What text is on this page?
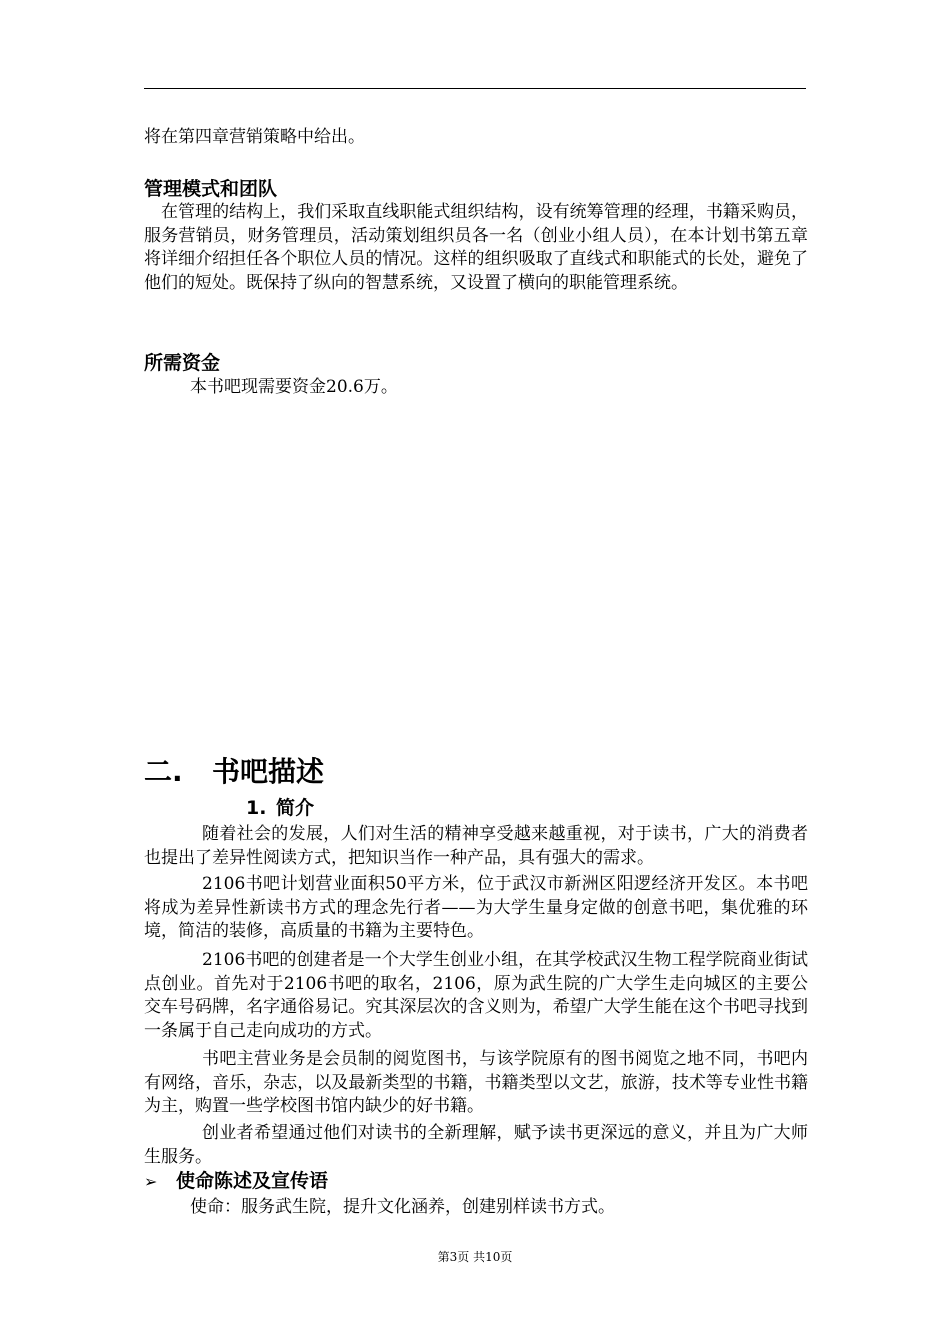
将在第四章营销策略中给出。

管理模式和团队

在管理的结构上，我们采取直线职能式组织结构，设有统筹管理的经理，书籍采购员，服务营销员，财务管理员，活动策划组织员各一名（创业小组人员），在本计划书第五章将详细介绍担任各个职位人员的情况。这样的组织吸取了直线式和职能式的长处，避免了他们的短处。既保持了纵向的智慧系统，又设置了横向的职能管理系统。

所需资金

本书吧现需要资金20.6万。

二. 书吧描述
1. 简介

随着社会的发展，人们对生活的精神享受越来越重视，对于读书，广大的消费者也提出了差异性阅读方式，把知识当作一种产品，具有强大的需求。

2106书吧计划营业面积50平方米，位于武汉市新洲区阳逻经济开发区。本书吧将成为差异性新读书方式的理念先行者——为大学生量身定做的创意书吧，集优雅的环境，简洁的装修，高质量的书籍为主要特色。

2106书吧的创建者是一个大学生创业小组，在其学校武汉生物工程学院商业街试点创业。首先对于2106书吧的取名，2106，原为武生院的广大学生走向城区的主要公交车号码牌，名字通俗易记。究其深层次的含义则为，希望广大学生能在这个书吧寻找到一条属于自己走向成功的方式。

书吧主营业务是会员制的阅览图书，与该学院原有的图书阅览之地不同，书吧内有网络，音乐，杂志，以及最新类型的书籍，书籍类型以文艺，旅游，技术等专业性书籍为主，购置一些学校图书馆内缺少的好书籍。

创业者希望通过他们对读书的全新理解，赋予读书更深远的意义，并且为广大师生服务。

➢ 使命陈述及宣传语

使命：服务武生院，提升文化涵养，创建别样读书方式。

第3页 共10页
